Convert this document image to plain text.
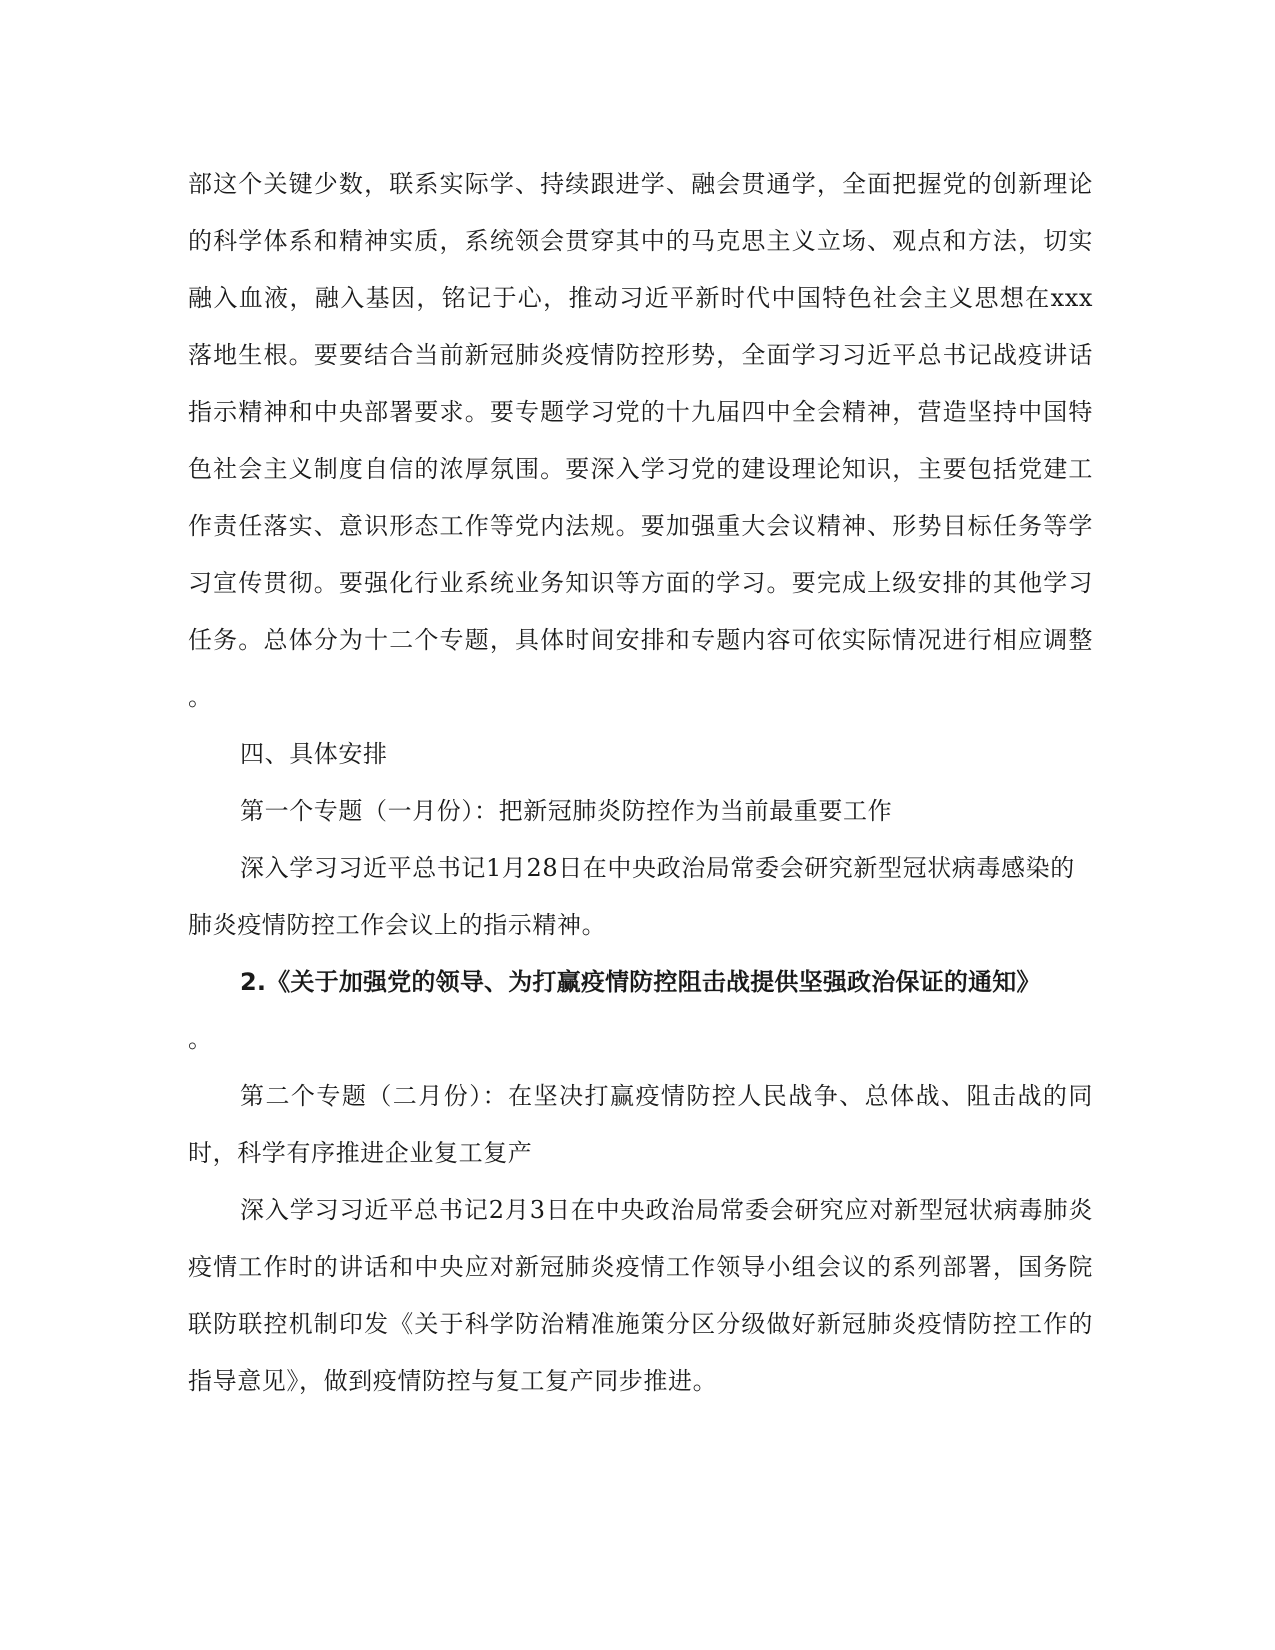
部这个关键少数，联系实际学、持续跟进学、融会贯通学，全面把握党的创新理论
的科学体系和精神实质，系统领会贯穿其中的马克思主义立场、观点和方法，切实
融入血液，融入基因，铭记于心，推动习近平新时代中国特色社会主义思想在xxx
落地生根。要要结合当前新冠肺炎疫情防控形势，全面学习习近平总书记战疫讲话
指示精神和中央部署要求。要专题学习党的十九届四中全会精神，营造坚持中国特
色社会主义制度自信的浓厚氛围。要深入学习党的建设理论知识，主要包括党建工
作责任落实、意识形态工作等党内法规。要加强重大会议精神、形势目标任务等学
习宣传贯彻。要强化行业系统业务知识等方面的学习。要完成上级安排的其他学习
任务。总体分为十二个专题，具体时间安排和专题内容可依实际情况进行相应调整
。
四、具体安排
第一个专题（一月份）：把新冠肺炎防控作为当前最重要工作
深入学习习近平总书记1月28日在中央政治局常委会研究新型冠状病毒感染的
肺炎疫情防控工作会议上的指示精神。
2.《关于加强党的领导、为打赢疫情防控阻击战提供坚强政治保证的通知》
。
第二个专题（二月份）：在坚决打赢疫情防控人民战争、总体战、阻击战的同
时，科学有序推进企业复工复产
深入学习习近平总书记2月3日在中央政治局常委会研究应对新型冠状病毒肺炎
疫情工作时的讲话和中央应对新冠肺炎疫情工作领导小组会议的系列部署，国务院
联防联控机制印发《关于科学防治精准施策分区分级做好新冠肺炎疫情防控工作的
指导意见》，做到疫情防控与复工复产同步推进。
